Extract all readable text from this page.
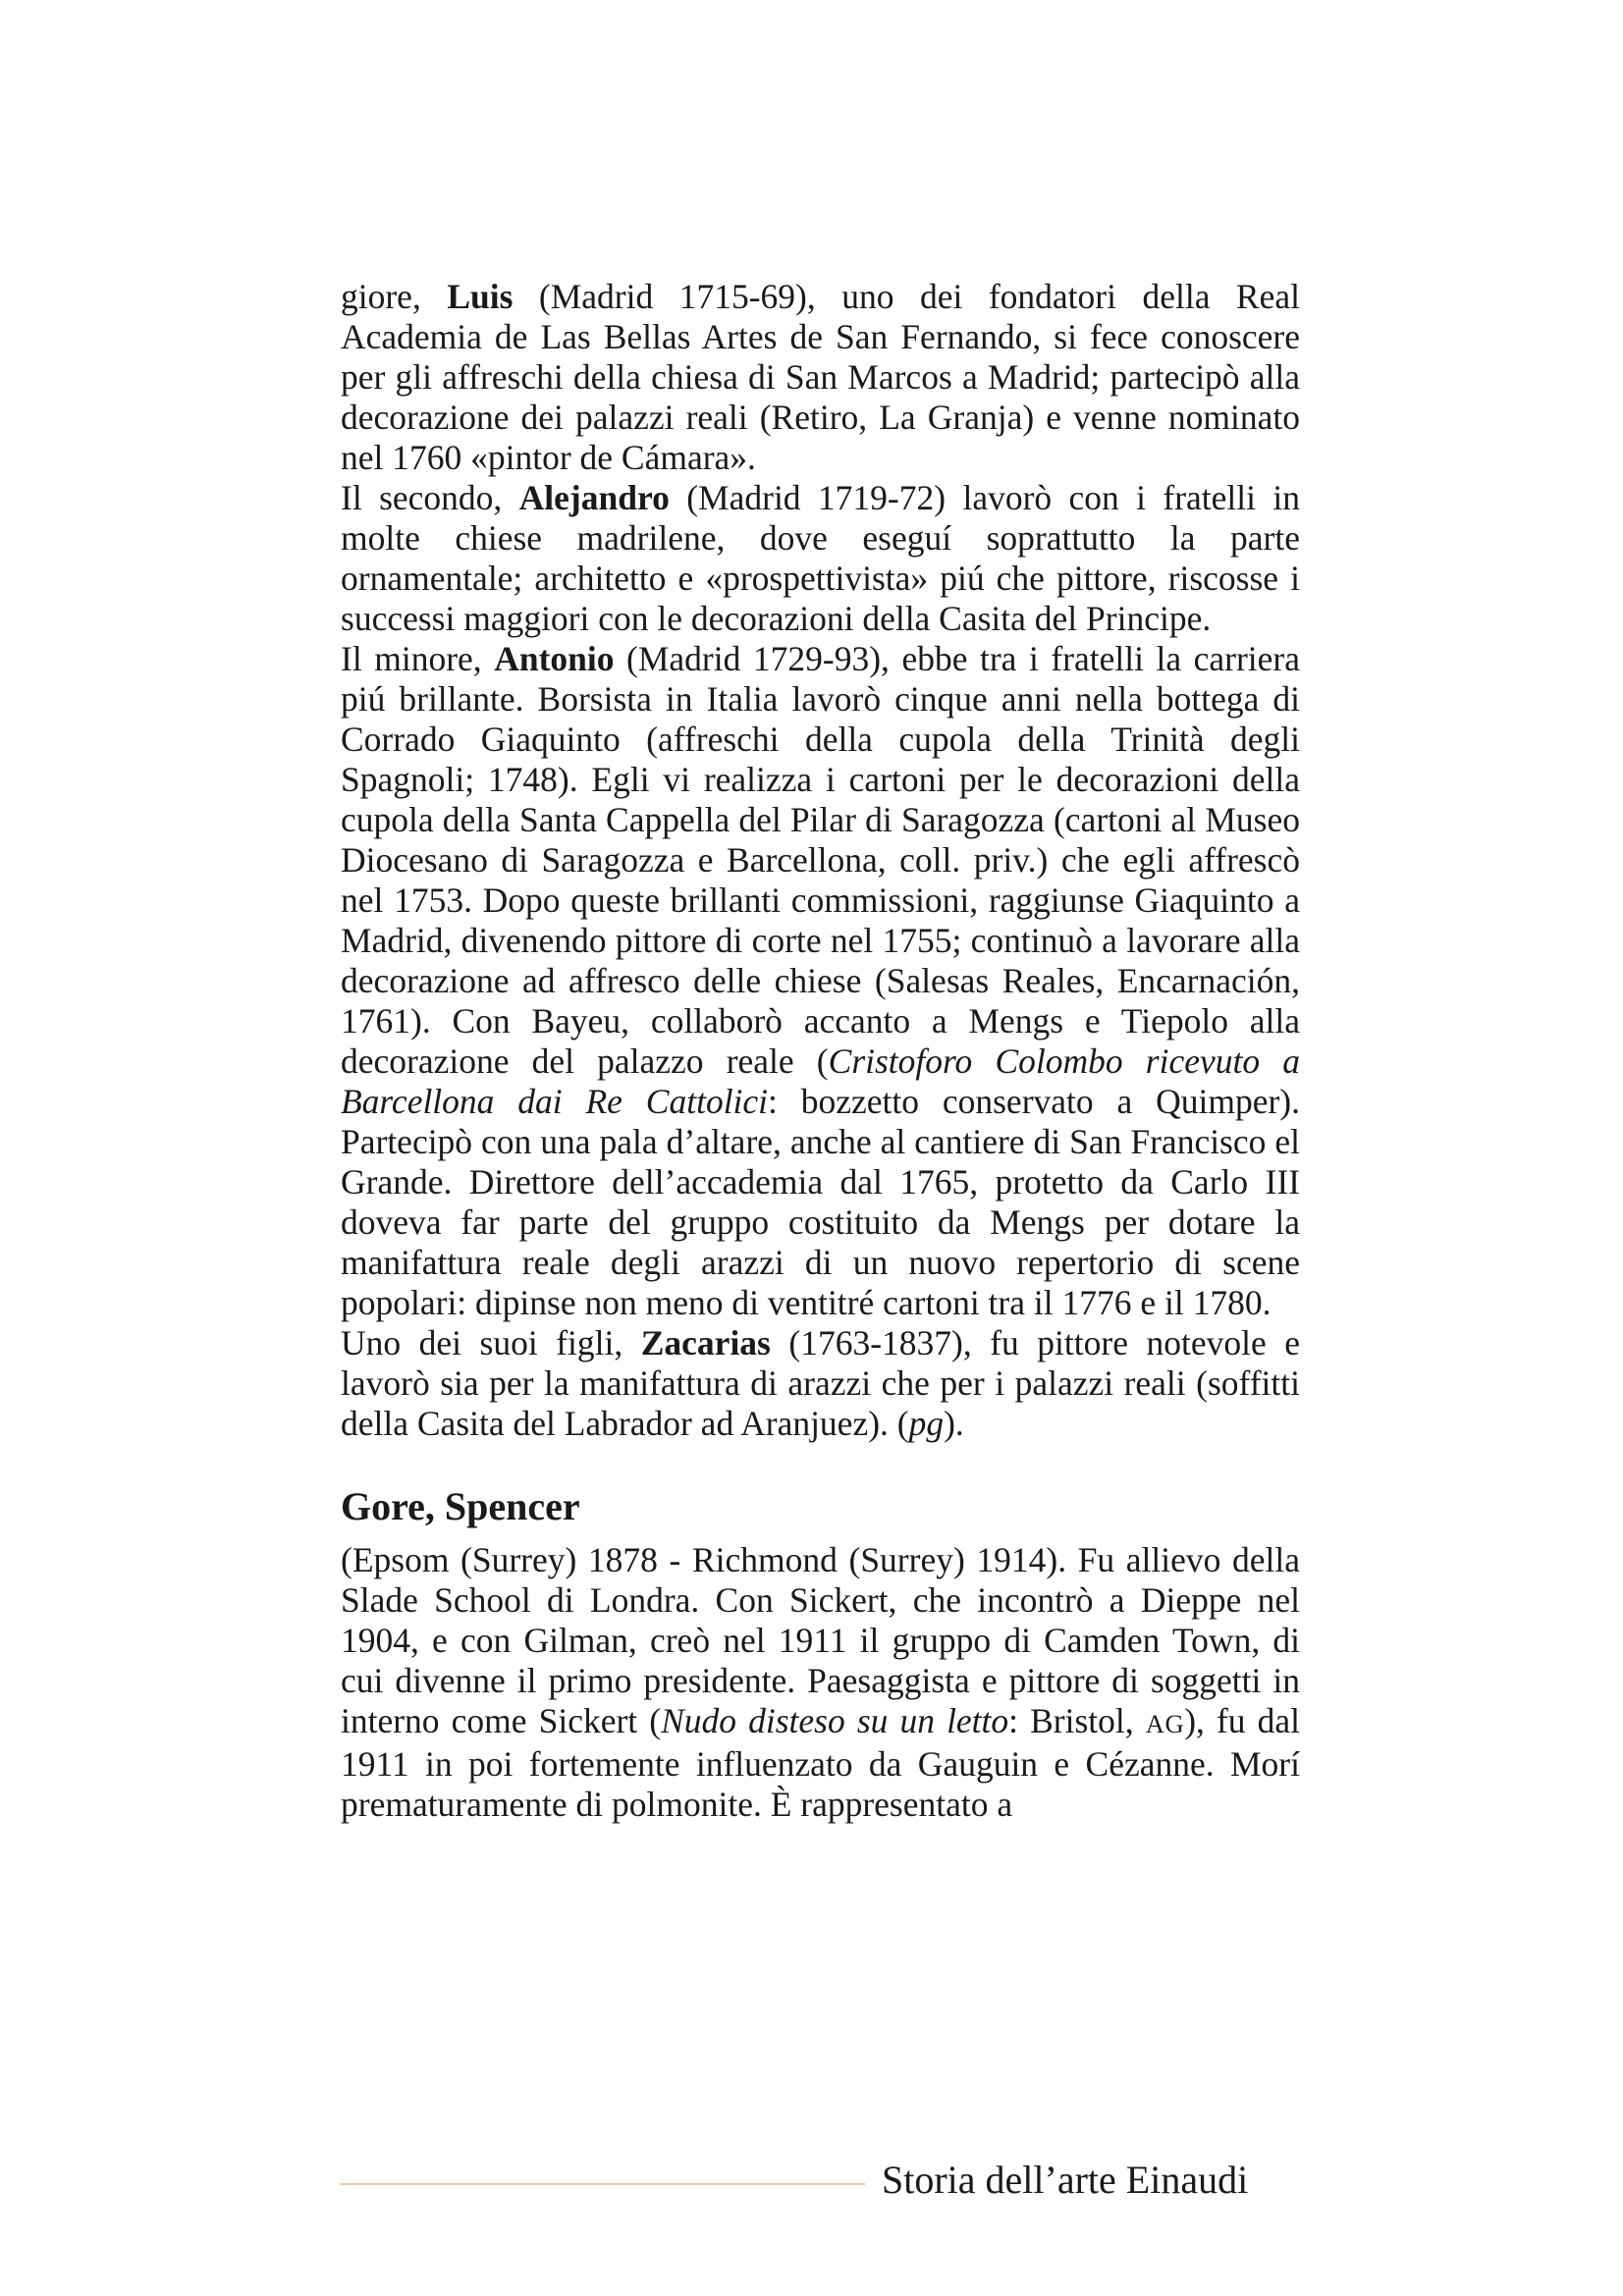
giore, Luis (Madrid 1715-69), uno dei fondatori della Real Academia de Las Bellas Artes de San Fernando, si fece conoscere per gli affreschi della chiesa di San Marcos a Madrid; partecipò alla decorazione dei palazzi reali (Retiro, La Granja) e venne nominato nel 1760 «pintor de Cámara».

Il secondo, Alejandro (Madrid 1719-72) lavorò con i fratelli in molte chiese madrilene, dove eseguí soprattutto la parte ornamentale; architetto e «prospettivista» piú che pittore, riscosse i successi maggiori con le decorazioni della Casita del Principe.

Il minore, Antonio (Madrid 1729-93), ebbe tra i fratelli la carriera piú brillante. Borsista in Italia lavorò cinque anni nella bottega di Corrado Giaquinto (affreschi della cupola della Trinità degli Spagnoli; 1748). Egli vi realizza i cartoni per le decorazioni della cupola della Santa Cappella del Pilar di Saragozza (cartoni al Museo Diocesano di Saragozza e Barcellona, coll. priv.) che egli affrescò nel 1753. Dopo queste brillanti commissioni, raggiunse Giaquinto a Madrid, divenendo pittore di corte nel 1755; continuò a lavorare alla decorazione ad affresco delle chiese (Salesas Reales, Encarnación, 1761). Con Bayeu, collaborò accanto a Mengs e Tiepolo alla decorazione del palazzo reale (Cristoforo Colombo ricevuto a Barcellona dai Re Cattolici: bozzetto conservato a Quimper). Partecipò con una pala d’altare, anche al cantiere di San Francisco el Grande. Direttore dell’accademia dal 1765, protetto da Carlo III doveva far parte del gruppo costituito da Mengs per dotare la manifattura reale degli arazzi di un nuovo repertorio di scene popolari: dipinse non meno di ventitré cartoni tra il 1776 e il 1780.

Uno dei suoi figli, Zacarias (1763-1837), fu pittore notevole e lavorò sia per la manifattura di arazzi che per i palazzi reali (soffitti della Casita del Labrador ad Aranjuez). (pg).

Gore, Spencer

(Epsom (Surrey) 1878 - Richmond (Surrey) 1914). Fu allievo della Slade School di Londra. Con Sickert, che incontrò a Dieppe nel 1904, e con Gilman, creò nel 1911 il gruppo di Camden Town, di cui divenne il primo presidente. Paesaggista e pittore di soggetti in interno come Sickert (Nudo disteso su un letto: Bristol, AG), fu dal 1911 in poi fortemente influenzato da Gauguin e Cézanne. Morí prematuramente di polmonite. È rappresentato a

Storia dell’arte Einaudi
